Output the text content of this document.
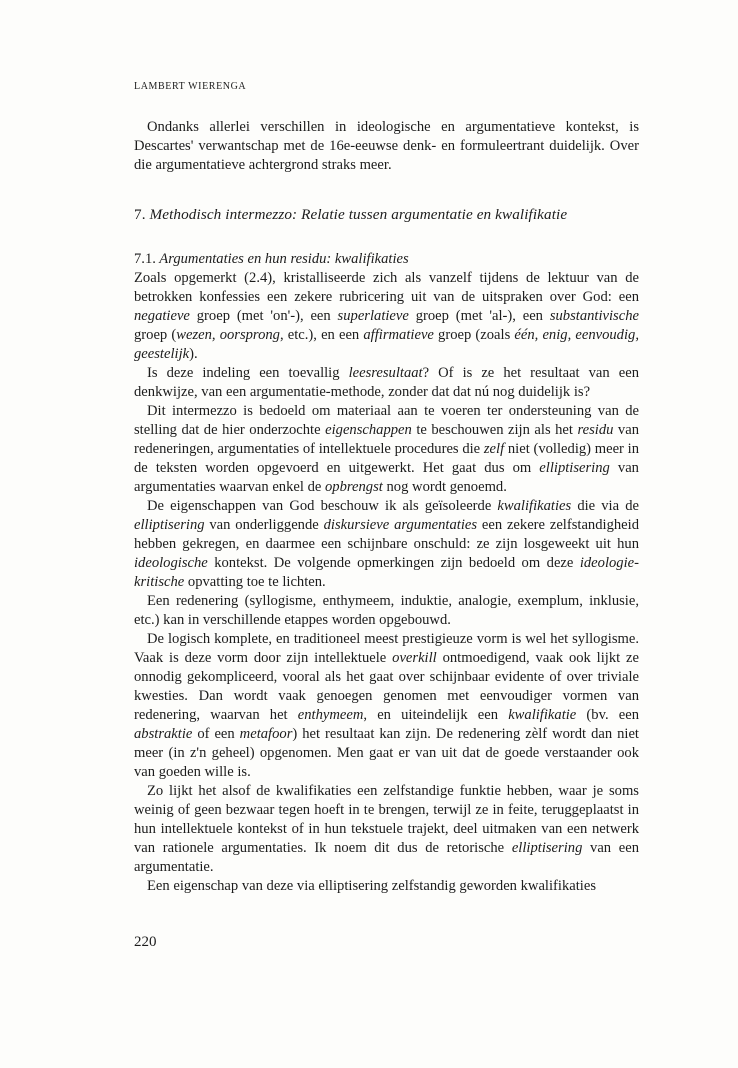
LAMBERT WIERENGA

Ondanks allerlei verschillen in ideologische en argumentatieve kontekst, is Descartes' verwantschap met de 16e-eeuwse denk- en formuleertrant duidelijk. Over die argumentatieve achtergrond straks meer.

7. Methodisch intermezzo: Relatie tussen argumentatie en kwalifikatie
7.1. Argumentaties en hun residu: kwalifikaties

Zoals opgemerkt (2.4), kristalliseerde zich als vanzelf tijdens de lektuur van de betrokken konfessies een zekere rubricering uit van de uitspraken over God: een negatieve groep (met 'on'-), een superlatieve groep (met 'al-), een substantivische groep (wezen, oorsprong, etc.), en een affirmatieve groep (zoals één, enig, eenvoudig, geestelijk).

Is deze indeling een toevallig leesresultaat? Of is ze het resultaat van een denkwijze, van een argumentatie-methode, zonder dat dat nú nog duidelijk is?

Dit intermezzo is bedoeld om materiaal aan te voeren ter ondersteuning van de stelling dat de hier onderzochte eigenschappen te beschouwen zijn als het residu van redeneringen, argumentaties of intellektuele procedures die zelf niet (volledig) meer in de teksten worden opgevoerd en uitgewerkt. Het gaat dus om elliptisering van argumentaties waarvan enkel de opbrengst nog wordt genoemd.

De eigenschappen van God beschouw ik als geïsoleerde kwalifikaties die via de elliptisering van onderliggende diskursieve argumentaties een zekere zelfstandigheid hebben gekregen, en daarmee een schijnbare onschuld: ze zijn losgeweekt uit hun ideologische kontekst. De volgende opmerkingen zijn bedoeld om deze ideologie-kritische opvatting toe te lichten.

Een redenering (syllogisme, enthymeem, induktie, analogie, exemplum, inklusie, etc.) kan in verschillende etappes worden opgebouwd.

De logisch komplete, en traditioneel meest prestigieuze vorm is wel het syllogisme. Vaak is deze vorm door zijn intellektuele overkill ontmoedigend, vaak ook lijkt ze onnodig gekompliceerd, vooral als het gaat over schijnbaar evidente of over triviale kwesties. Dan wordt vaak genoegen genomen met eenvoudiger vormen van redenering, waarvan het enthymeem, en uiteindelijk een kwalifikatie (bv. een abstraktie of een metafoor) het resultaat kan zijn. De redenering zèlf wordt dan niet meer (in z'n geheel) opgenomen. Men gaat er van uit dat de goede verstaander ook van goeden wille is.

Zo lijkt het alsof de kwalifikaties een zelfstandige funktie hebben, waar je soms weinig of geen bezwaar tegen hoeft in te brengen, terwijl ze in feite, teruggeplaatst in hun intellektuele kontekst of in hun tekstuele trajekt, deel uitmaken van een netwerk van rationele argumentaties. Ik noem dit dus de retorische elliptisering van een argumentatie.

Een eigenschap van deze via elliptisering zelfstandig geworden kwalifikaties

220
